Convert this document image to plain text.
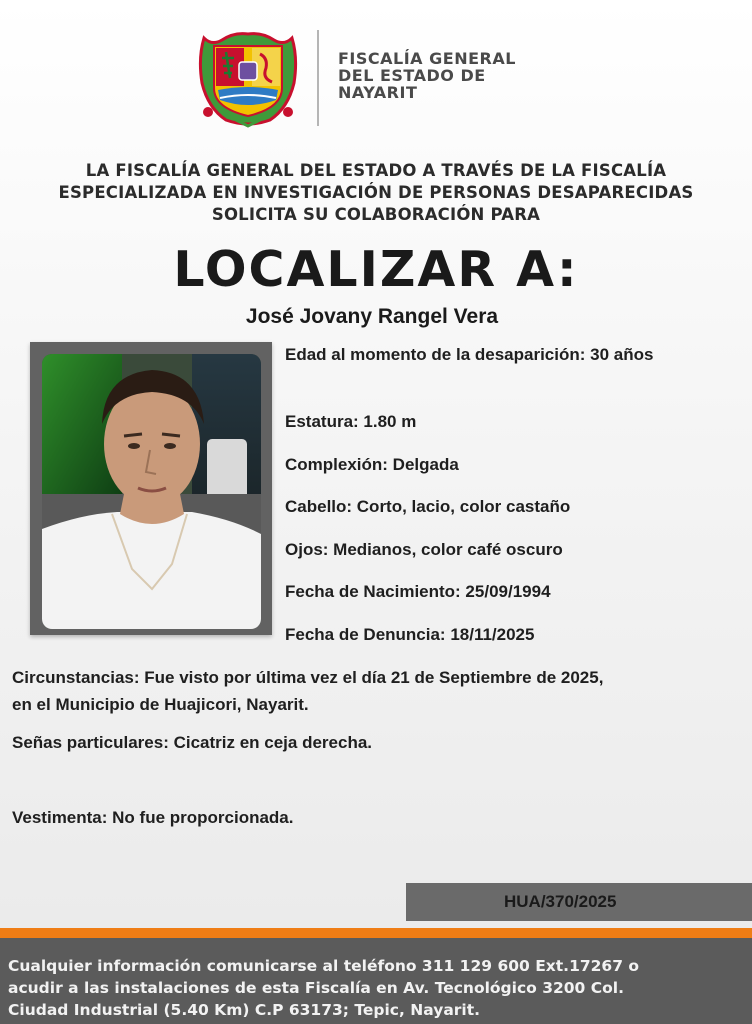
FISCALÍA GENERAL
DEL ESTADO DE
NAYARIT
LA FISCALÍA GENERAL DEL ESTADO A TRAVÉS DE LA FISCALÍA
ESPECIALIZADA EN INVESTIGACIÓN DE PERSONAS DESAPARECIDAS
SOLICITA SU COLABORACIÓN PARA
LOCALIZAR A:
José Jovany Rangel Vera
Edad al momento de la desaparición: 30 años
Estatura: 1.80 m
Complexión: Delgada
Cabello: Corto, lacio, color castaño
Ojos: Medianos, color café oscuro
Fecha de Nacimiento: 25/09/1994
Fecha de Denuncia: 18/11/2025
Circunstancias: Fue visto por última vez el día 21 de Septiembre de 2025,
en el Municipio de Huajicori, Nayarit.
Señas particulares: Cicatriz en ceja derecha.
Vestimenta: No fue proporcionada.
HUA/370/2025
Cualquier información comunicarse al teléfono 311 129 600 Ext.17267 o
acudir a las instalaciones de esta Fiscalía en Av. Tecnológico 3200 Col.
Ciudad Industrial (5.40 Km) C.P 63173; Tepic, Nayarit.
